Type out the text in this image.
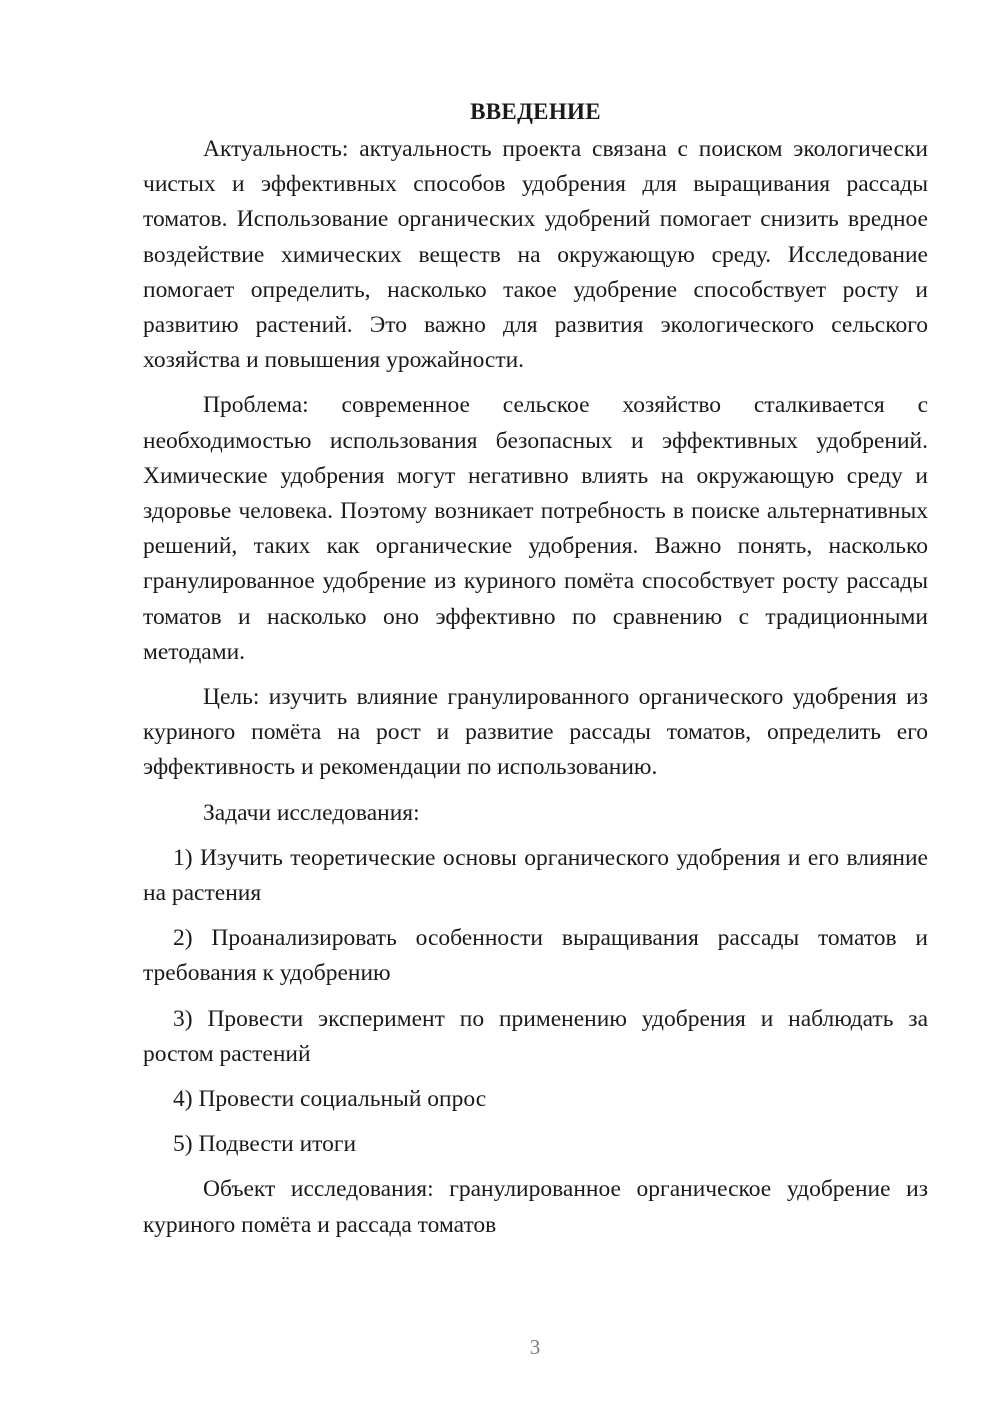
ВВЕДЕНИЕ

Актуальность: актуальность проекта связана с поиском экологически чистых и эффективных способов удобрения для выращивания рассады томатов. Использование органических удобрений помогает снизить вредное воздействие химических веществ на окружающую среду. Исследование помогает определить, насколько такое удобрение способствует росту и развитию растений. Это важно для развития экологического сельского хозяйства и повышения урожайности.

Проблема: современное сельское хозяйство сталкивается с необходимостью использования безопасных и эффективных удобрений. Химические удобрения могут негативно влиять на окружающую среду и здоровье человека. Поэтому возникает потребность в поиске альтернативных решений, таких как органические удобрения. Важно понять, насколько гранулированное удобрение из куриного помёта способствует росту рассады томатов и насколько оно эффективно по сравнению с традиционными методами.

Цель: изучить влияние гранулированного органического удобрения из куриного помёта на рост и развитие рассады томатов, определить его эффективность и рекомендации по использованию.

Задачи исследования:

1) Изучить теоретические основы органического удобрения и его влияние на растения

2) Проанализировать особенности выращивания рассады томатов и требования к удобрению

3) Провести эксперимент по применению удобрения и наблюдать за ростом растений

4) Провести социальный опрос

5) Подвести итоги

Объект исследования: гранулированное органическое удобрение из куриного помёта и рассада томатов

3
